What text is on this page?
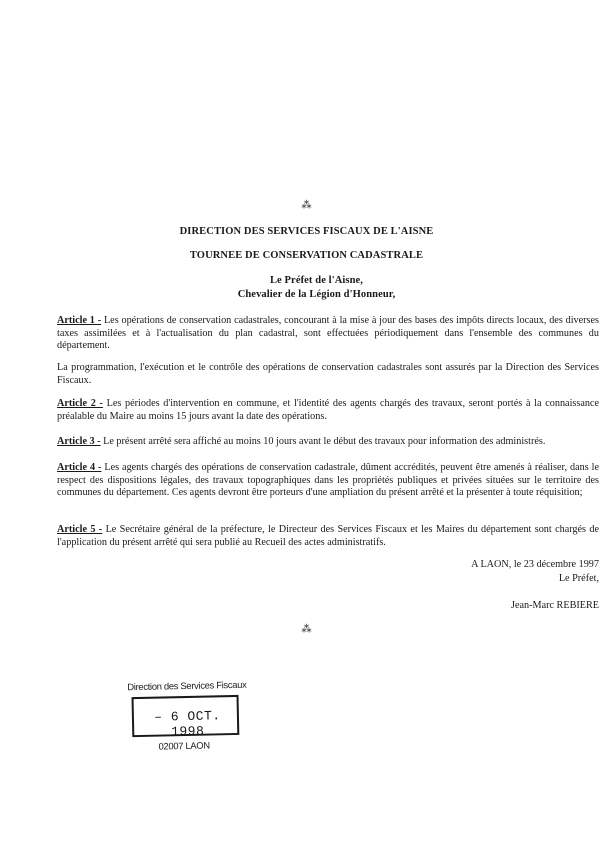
⁂
DIRECTION DES SERVICES FISCAUX DE L'AISNE
TOURNEE DE CONSERVATION CADASTRALE
Le Préfet de l'Aisne,
Chevalier de la Légion d'Honneur,
Article 1 - Les opérations de conservation cadastrales, concourant à la mise à jour des bases des impôts directs locaux, des diverses taxes assimilées et à l'actualisation du plan cadastral, sont effectuées périodiquement dans l'ensemble des communes du département.
La programmation, l'exécution et le contrôle des opérations de conservation cadastrales sont assurés par la Direction des Services Fiscaux.
Article 2 - Les périodes d'intervention en commune, et l'identité des agents chargés des travaux, seront portés à la connaissance préalable du Maire au moins 15 jours avant la date des opérations.
Article 3 - Le présent arrêté sera affiché au moins 10 jours avant le début des travaux pour information des administrés.
Article 4 - Les agents chargés des opérations de conservation cadastrale, dûment accrédités, peuvent être amenés à réaliser, dans le respect des dispositions légales, des travaux topographiques dans les propriétés publiques et privées situées sur le territoire des communes du département. Ces agents devront être porteurs d'une ampliation du présent arrêté et la présenter à toute réquisition;
Article 5 - Le Secrétaire général de la préfecture, le Directeur des Services Fiscaux et les Maires du département sont chargés de l'application du présent arrêté qui sera publié au Recueil des actes administratifs.
A LAON, le 23 décembre 1997
Le Préfet,
Jean-Marc REBIERE
⁂
Direction des Services Fiscaux
– 6 OCT. 1998
02007 LAON
